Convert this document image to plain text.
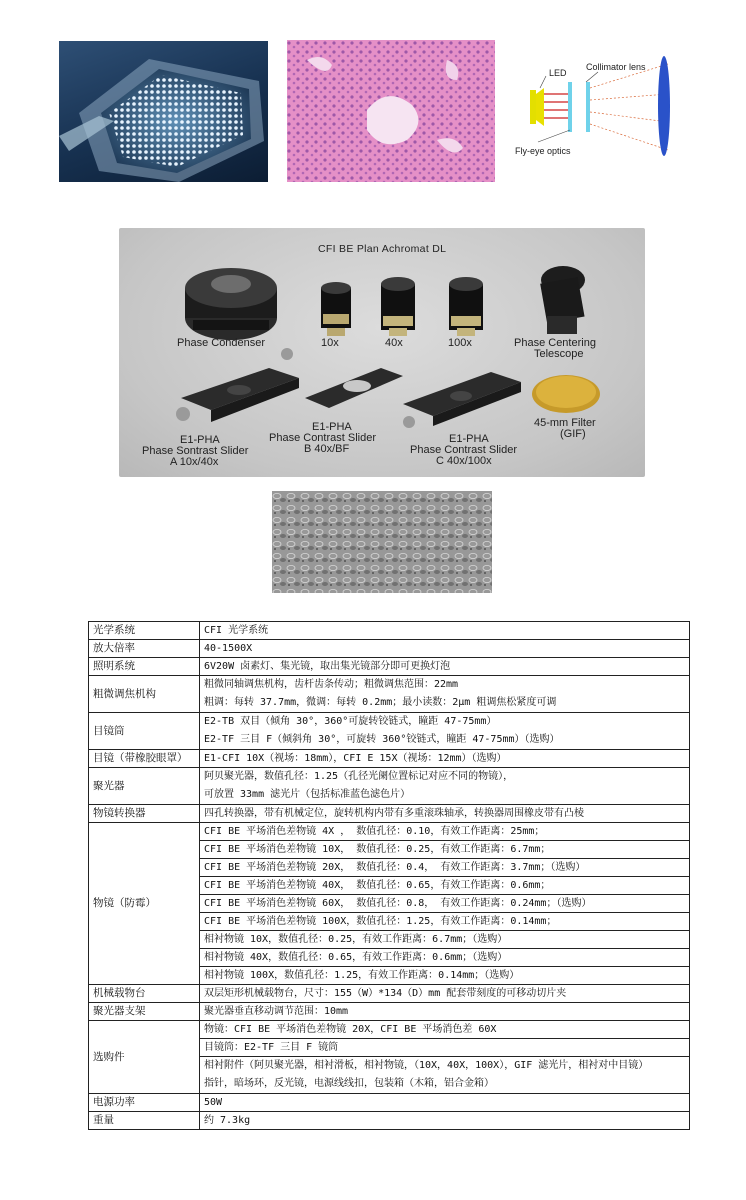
LED
Collimator lens
Fly-eye optics
CFI BE Plan Achromat DL
Phase Condenser	10x	40x	100x	Phase Centering
Telescope
E1-PHA
Phase Sontrast Slider
A 10x/40x
E1-PHA
Phase Contrast Slider
B 40x/BF
E1-PHA
Phase Contrast Slider
C 40x/100x
45-mm Filter
(GIF)
光学系统	CFI 光学系统
放大倍率	40-1500X
照明系统	6V20W 卤素灯、集光镜，取出集光镜部分即可更换灯泡
粗微调焦机构	粗微同轴调焦机构，齿杆齿条传动；粗微调焦范围：22mm
粗调：每转 37.7mm，微调：每转 0.2mm；最小读数：2μm 粗调焦松紧度可调

目镜筒	E2-TB 双目（倾角 30°，360°可旋转铰链式，瞳距 47-75mm）
E2-TF 三目 F（倾斜角 30°，可旋转 360°铰链式，瞳距 47-75mm）（选购）

目镜（带橡胶眼罩）	E1-CFI 10X（视场：18mm），CFI E 15X（视场：12mm）（选购）
聚光器	阿贝聚光器，数值孔径：1.25（孔径光阑位置标记对应不同的物镜），
可放置 33mm 滤光片（包括标准蓝色滤色片）

物镜转换器	四孔转换器，带有机械定位，旋转机构内带有多重滚珠轴承，转换器周围橡皮带有凸棱
物镜（防霉）	CFI BE 平场消色差物镜 4X ， 数值孔径：0.10，有效工作距离：25mm；
	CFI BE 平场消色差物镜 10X， 数值孔径：0.25，有效工作距离：6.7mm；
	CFI BE 平场消色差物镜 20X， 数值孔径：0.4， 有效工作距离：3.7mm；（选购）
	CFI BE 平场消色差物镜 40X， 数值孔径：0.65，有效工作距离：0.6mm；
	CFI BE 平场消色差物镜 60X， 数值孔径：0.8， 有效工作距离：0.24mm；（选购）
	CFI BE 平场消色差物镜 100X，数值孔径：1.25，有效工作距离：0.14mm；
	相衬物镜 10X，数值孔径：0.25，有效工作距离：6.7mm；（选购）
	相衬物镜 40X，数值孔径：0.65，有效工作距离：0.6mm；（选购）
	相衬物镜 100X，数值孔径：1.25，有效工作距离：0.14mm；（选购）
机械载物台	双层矩形机械载物台，尺寸：155（W）*134（D）mm 配套带刻度的可移动切片夹
聚光器支架	聚光器垂直移动调节范围：10mm
选购件	物镜：CFI BE 平场消色差物镜 20X，CFI BE 平场消色差 60X
	目镜筒：E2-TF 三目 F 镜筒

	相衬附件（阿贝聚光器，相衬滑板，相衬物镜，（10X，40X，100X），GIF 滤光片，相衬对中目镜）
指针，暗场环，反光镜，电源线线扣，包装箱（木箱，铝合金箱）

电源功率	50W
重量	约 7.3kg
